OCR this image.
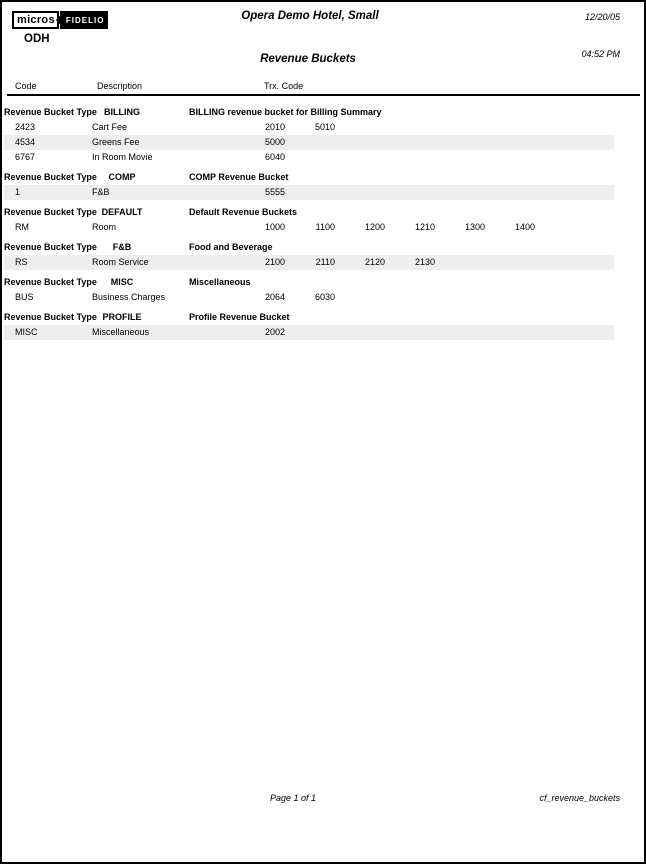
micros	FIDELIO	Opera Demo Hotel, Small	12/20/05
ODH
Revenue Buckets	04:52 PM
Code	Description	Trx. Code
Revenue Bucket Type BILLING	BILLING revenue bucket for Billing Summary
2423	Cart Fee	2010	5010
4534	Greens Fee	5000
6767	In Room Movie	6040
Revenue Bucket Type	COMP	COMP Revenue Bucket
1	F&B	5555
Revenue Bucket Type DEFAULT	Default Revenue Buckets
RM	Room	1000	1100	1200	1210	1300	1400
Revenue Bucket Type	F&B	Food and Beverage
RS	Room Service	2100	2110	2120	2130
Revenue Bucket Type	MISC	Miscellaneous
BUS	Business Charges	2064	6030
Revenue Bucket Type PROFILE	Profile Revenue Bucket
MISC	Miscellaneous	2002
Page 1 of 1	cf_revenue_buckets
